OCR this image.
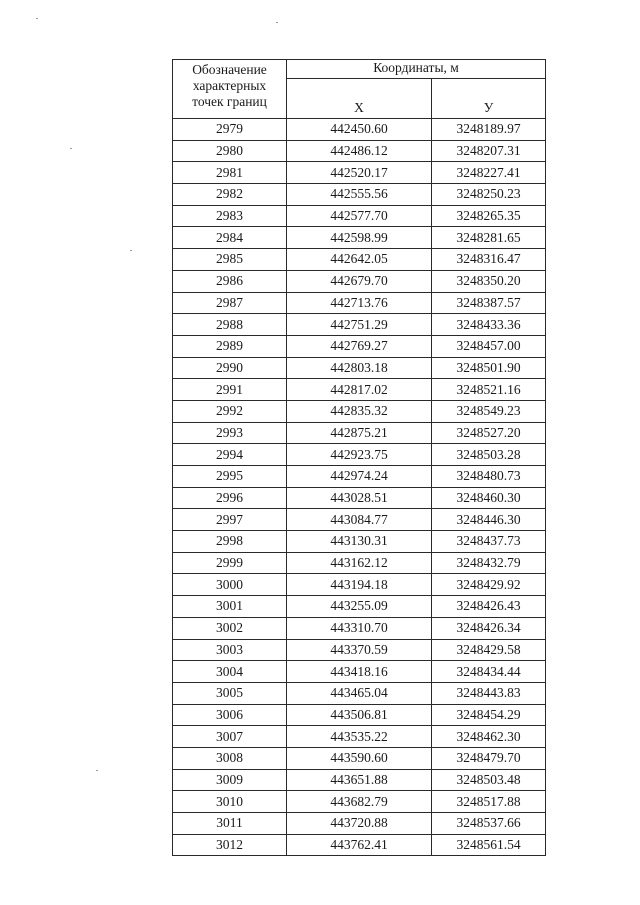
Обозначение
характерных
точек границ	Координаты, м	
	X	У
2979	442450.60	3248189.97
2980	442486.12	3248207.31
2981	442520.17	3248227.41
2982	442555.56	3248250.23
2983	442577.70	3248265.35
2984	442598.99	3248281.65
2985	442642.05	3248316.47
2986	442679.70	3248350.20
2987	442713.76	3248387.57
2988	442751.29	3248433.36
2989	442769.27	3248457.00
2990	442803.18	3248501.90
2991	442817.02	3248521.16
2992	442835.32	3248549.23
2993	442875.21	3248527.20
2994	442923.75	3248503.28
2995	442974.24	3248480.73
2996	443028.51	3248460.30
2997	443084.77	3248446.30
2998	443130.31	3248437.73
2999	443162.12	3248432.79
3000	443194.18	3248429.92
3001	443255.09	3248426.43
3002	443310.70	3248426.34
3003	443370.59	3248429.58
3004	443418.16	3248434.44
3005	443465.04	3248443.83
3006	443506.81	3248454.29
3007	443535.22	3248462.30
3008	443590.60	3248479.70
3009	443651.88	3248503.48
3010	443682.79	3248517.88
3011	443720.88	3248537.66
3012	443762.41	3248561.54
